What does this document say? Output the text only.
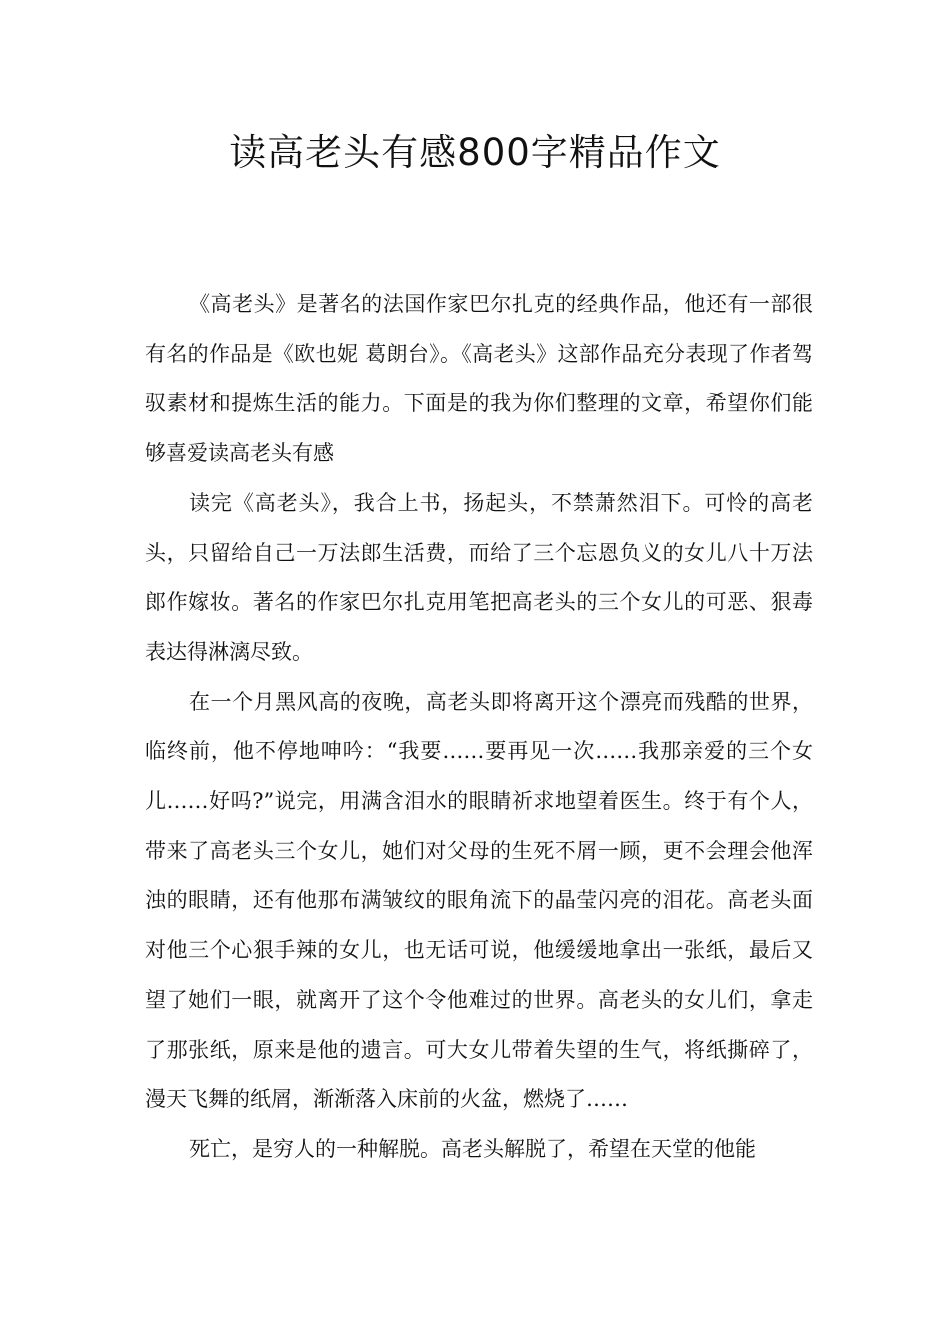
读高老头有感800字精品作文

《高老头》是著名的法国作家巴尔扎克的经典作品，他还有一部很有名的作品是《欧也妮 葛朗台》。《高老头》这部作品充分表现了作者驾驭素材和提炼生活的能力。下面是的我为你们整理的文章，希望你们能够喜爱读高老头有感

读完《高老头》，我合上书，扬起头，不禁萧然泪下。可怜的高老头，只留给自己一万法郎生活费，而给了三个忘恩负义的女儿八十万法郎作嫁妆。著名的作家巴尔扎克用笔把高老头的三个女儿的可恶、狠毒表达得淋漓尽致。

在一个月黑风高的夜晚，高老头即将离开这个漂亮而残酷的世界，临终前，他不停地呻吟：“我要……要再见一次……我那亲爱的三个女儿……好吗?”说完，用满含泪水的眼睛祈求地望着医生。终于有个人，带来了高老头三个女儿，她们对父母的生死不屑一顾，更不会理会他浑浊的眼睛，还有他那布满皱纹的眼角流下的晶莹闪亮的泪花。高老头面对他三个心狠手辣的女儿，也无话可说，他缓缓地拿出一张纸，最后又望了她们一眼，就离开了这个令他难过的世界。高老头的女儿们，拿走了那张纸，原来是他的遗言。可大女儿带着失望的生气，将纸撕碎了，漫天飞舞的纸屑，渐渐落入床前的火盆，燃烧了……

死亡，是穷人的一种解脱。高老头解脱了，希望在天堂的他能
